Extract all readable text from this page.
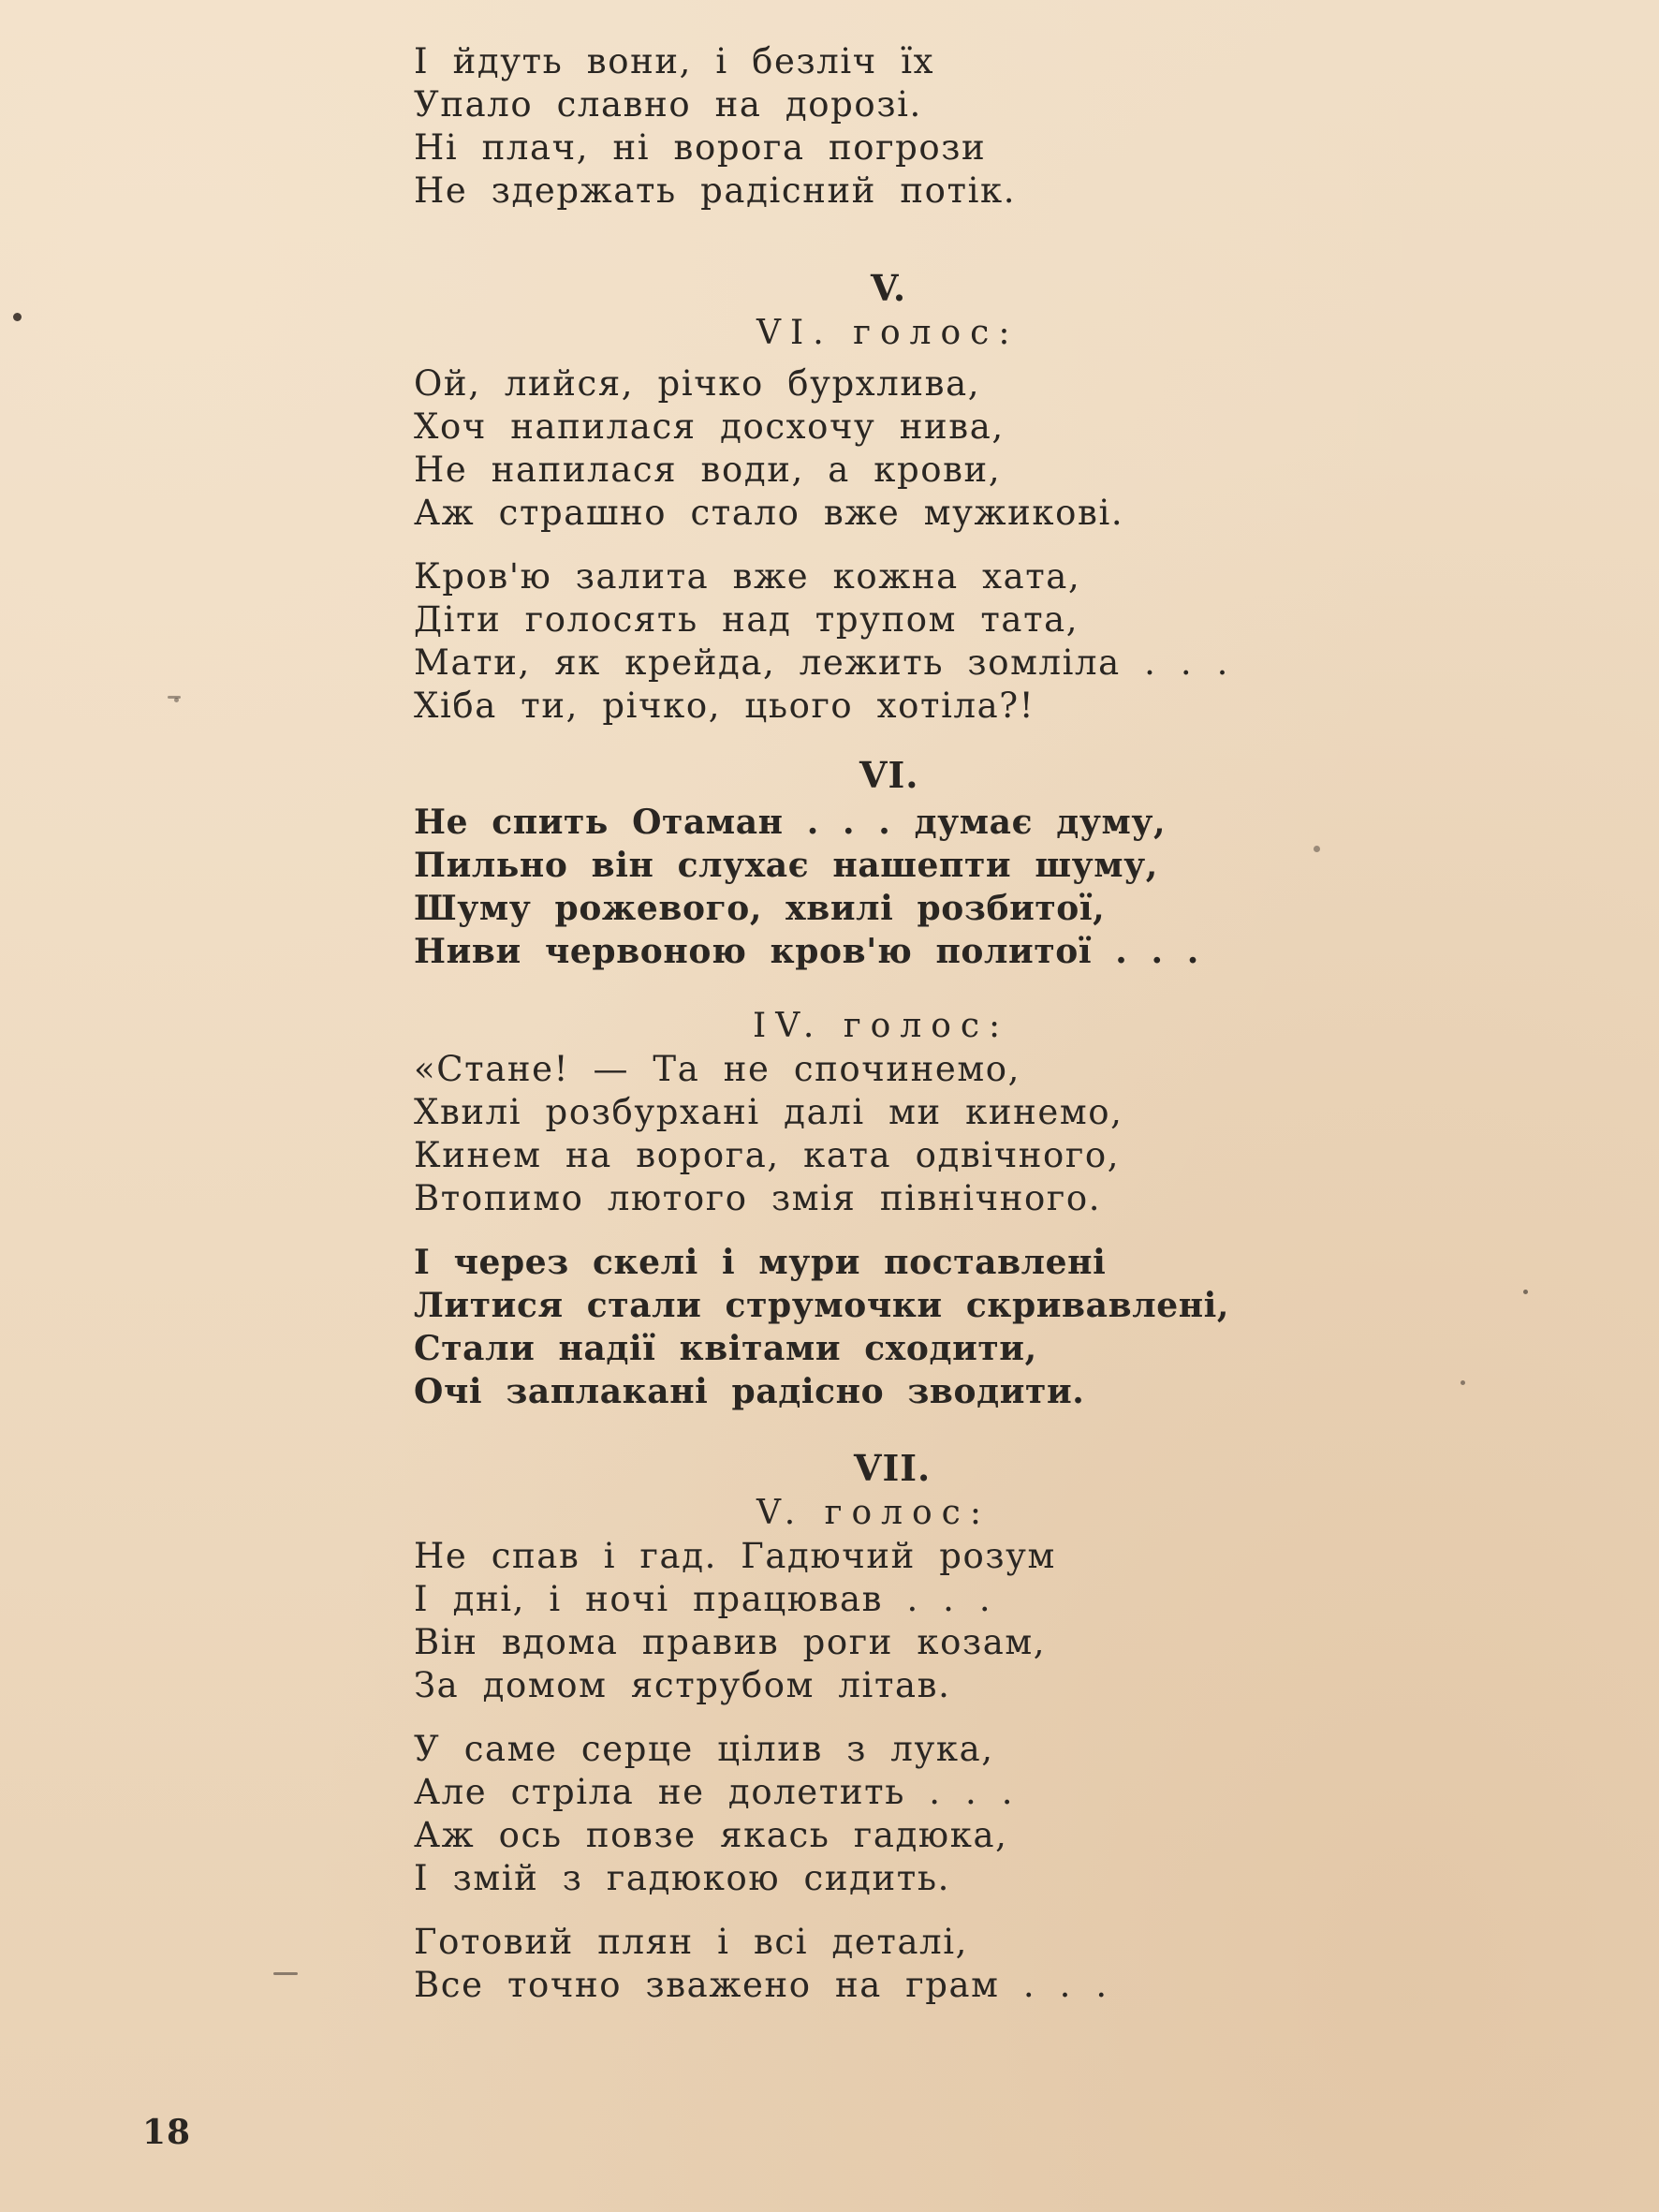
І йдуть вони, і безліч їх
Упало славно на дорозі.
Ні плач, ні ворога погрози
Не здержать радісний потік.
V.
VI. голос:
Ой, лийся, річко бурхлива,
Хоч напилася досхочу нива,
Не напилася води, а крови,
Аж страшно стало вже мужикові.
Кров'ю залита вже кожна хата,
Діти голосять над трупом тата,
Мати, як крейда, лежить зомліла . . .
Хіба ти, річко, цього хотіла?!
VI.
Не спить Отаман . . . думає думу,
Пильно він слухає нашепти шуму,
Шуму рожевого, хвилі розбитої,
Ниви червоною кров'ю политої . . .
IV. голос:
«Стане! — Та не спочинемо,
Хвилі розбурхані далі ми кинемо,
Кинем на ворога, ката одвічного,
Втопимо лютого змія північного.
І через скелі і мури поставлені
Литися стали струмочки скривавлені,
Стали надії квітами сходити,
Очі заплакані радісно зводити.
VII.
V. голос:
Не спав і гад. Гадючий розум
І дні, і ночі працював . . .
Він вдома правив роги козам,
За домом яструбом літав.
У саме серце цілив з лука,
Але стріла не долетить . . .
Аж ось повзе якась гадюка,
І змій з гадюкою сидить.
Готовий плян і всі деталі,
Все точно зважено на грам . . .
18
